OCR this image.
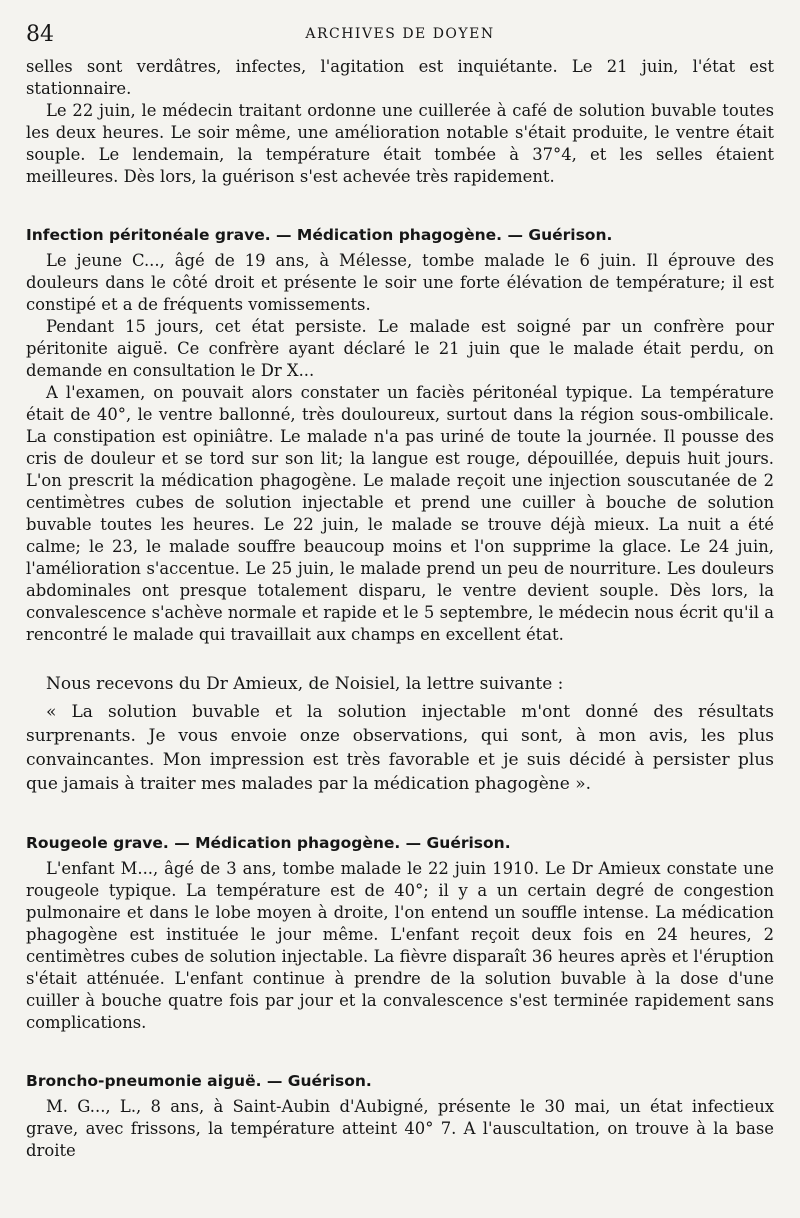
84	ARCHIVES DE DOYEN

selles sont verdâtres, infectes, l'agitation est inquiétante. Le 21 juin, l'état est stationnaire.

Le 22 juin, le médecin traitant ordonne une cuillerée à café de solution buvable toutes les deux heures. Le soir même, une amélioration notable s'était produite, le ventre était souple. Le lendemain, la température était tombée à 37°4, et les selles étaient meilleures. Dès lors, la guérison s'est achevée très rapidement.

Infection péritonéale grave. — Médication phagogène. — Guérison.

Le jeune C..., âgé de 19 ans, à Mélesse, tombe malade le 6 juin. Il éprouve des douleurs dans le côté droit et présente le soir une forte élévation de température; il est constipé et a de fréquents vomissements.

Pendant 15 jours, cet état persiste. Le malade est soigné par un confrère pour péritonite aiguë. Ce confrère ayant déclaré le 21 juin que le malade était perdu, on demande en consultation le Dr X...

A l'examen, on pouvait alors constater un faciès péritonéal typique. La température était de 40°, le ventre ballonné, très douloureux, surtout dans la région sous-ombilicale. La constipation est opiniâtre. Le malade n'a pas uriné de toute la journée. Il pousse des cris de douleur et se tord sur son lit; la langue est rouge, dépouillée, depuis huit jours. L'on prescrit la médication phagogène. Le malade reçoit une injection souscutanée de 2 centimètres cubes de solution injectable et prend une cuiller à bouche de solution buvable toutes les heures. Le 22 juin, le malade se trouve déjà mieux. La nuit a été calme; le 23, le malade souffre beaucoup moins et l'on supprime la glace. Le 24 juin, l'amélioration s'accentue. Le 25 juin, le malade prend un peu de nourriture. Les douleurs abdominales ont presque totalement disparu, le ventre devient souple. Dès lors, la convalescence s'achève normale et rapide et le 5 septembre, le médecin nous écrit qu'il a rencontré le malade qui travaillait aux champs en excellent état.

Nous recevons du Dr Amieux, de Noisiel, la lettre suivante :

« La solution buvable et la solution injectable m'ont donné des résultats surprenants. Je vous envoie onze observations, qui sont, à mon avis, les plus convaincantes. Mon impression est très favorable et je suis décidé à persister plus que jamais à traiter mes malades par la médication phagogène ».

Rougeole grave. — Médication phagogène. — Guérison.

L'enfant M..., âgé de 3 ans, tombe malade le 22 juin 1910. Le Dr Amieux constate une rougeole typique. La température est de 40°; il y a un certain degré de congestion pulmonaire et dans le lobe moyen à droite, l'on entend un souffle intense. La médication phagogène est instituée le jour même. L'enfant reçoit deux fois en 24 heures, 2 centimètres cubes de solution injectable. La fièvre disparaît 36 heures après et l'éruption s'était atténuée. L'enfant continue à prendre de la solution buvable à la dose d'une cuiller à bouche quatre fois par jour et la convalescence s'est terminée rapidement sans complications.

Broncho-pneumonie aiguë. — Guérison.

M. G..., L., 8 ans, à Saint-Aubin d'Aubigné, présente le 30 mai, un état infectieux grave, avec frissons, la température atteint 40° 7. A l'auscultation, on trouve à la base droite
